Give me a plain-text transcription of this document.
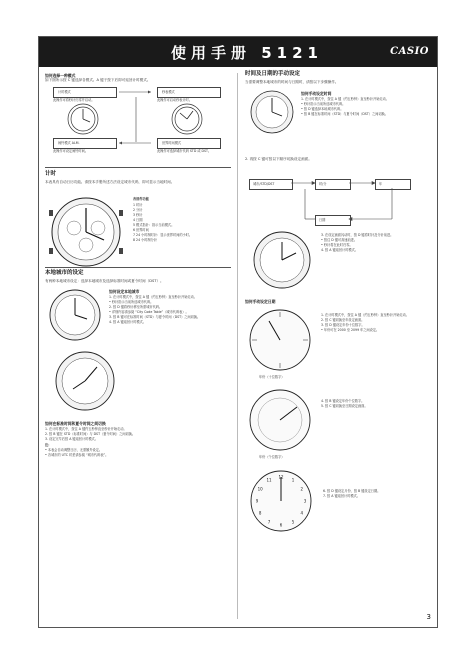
使用手册 5121	CASIO
如何选择一种模式
如下图所示按 C 键选择各模式。A 键于按下后即可返回计时模式。
计时模式	秒表模式
闹铃模式 ALM.	世界时间模式
此操作可将秒针归零并启动。	此操作可启动秒表计时。
此操作可设定闹铃时间。	此操作可选择城市代码 STD 或 DST。
计时
本表具有自动日历功能。请按本手册所述方法设定城市代码，即可显示当地时间。
各部件功能
1 时针
2 分针
3 秒针
4 日期
5 模式指针：指示当前模式。
6 世界时间
7 24 小时制时针：显示世界时间的小时。
8 24 小时制分针
本地城市的设定
有两种本地城市设定：选择本地城市及选择标准时间或夏令时间（DST）。
如何设定本地城市
1. 在计时模式中，按住 A 键（约五秒钟）直至秒针开始走动。
• 秒针指示当前所选城市代码。
2. 按 D 键将秒针移至所需城市代码。
• 详细内容请参阅 “City Code Table”（城市代码表）。
3. 按 B 键可在标准时间（STD）与夏令时间（DST）之间切换。
4. 按 A 键返回计时模式。
如何在标准时间和夏令时间之间切换
1. 在计时模式中，按住 A 键约五秒钟直至秒针开始走动。
2. 按 B 键在 STD（标准时间）与 DST（夏令时间）之间切换。
3. 设定完毕后按 A 键返回计时模式。
注：
• 本表会自动调整日历，无需额外设定。
• 各城市的 UTC 时差请参阅 “城市代码表”。
时间及日期的手动设定
当需要调整本地城市的时间与日期时，请按以下步骤操作。
如何手动设定时间
1. 在计时模式中，按住 A 键（约五秒钟）直至秒针开始走动。
• 秒针指示当前所选城市代码。
• 按 D 键选择本地城市代码。
• 按 B 键在标准时间（STD）与夏令时间（DST）之间切换。
2. 再按 C 键可按以下顺序切换设定画面。
城市/STD/DST	时/分	年
日期
3. 在设定画面闪动时，按 D 键将时针及分针前进。
• 按住 D 键可高速前进。
• 秒针将在此时归零。
4. 按 A 键返回计时模式。
如何手动设定日期
年份（十位数字）
1. 在计时模式中，按住 A 键（约五秒钟）直至秒针开始走动。
2. 按 C 键切换至年设定画面。
3. 按 D 键设定年份十位数字。
• 年份可在 2000 至 2099 年之间设定。
年份（个位数字）
4. 按 B 键设定年份个位数字。
5. 按 C 键切换至日期设定画面。
12
1
2
3
4
5
6
7
8
9
10
11
6. 按 D 键设定月份，按 B 键设定日期。
7. 按 A 键返回计时模式。
3
